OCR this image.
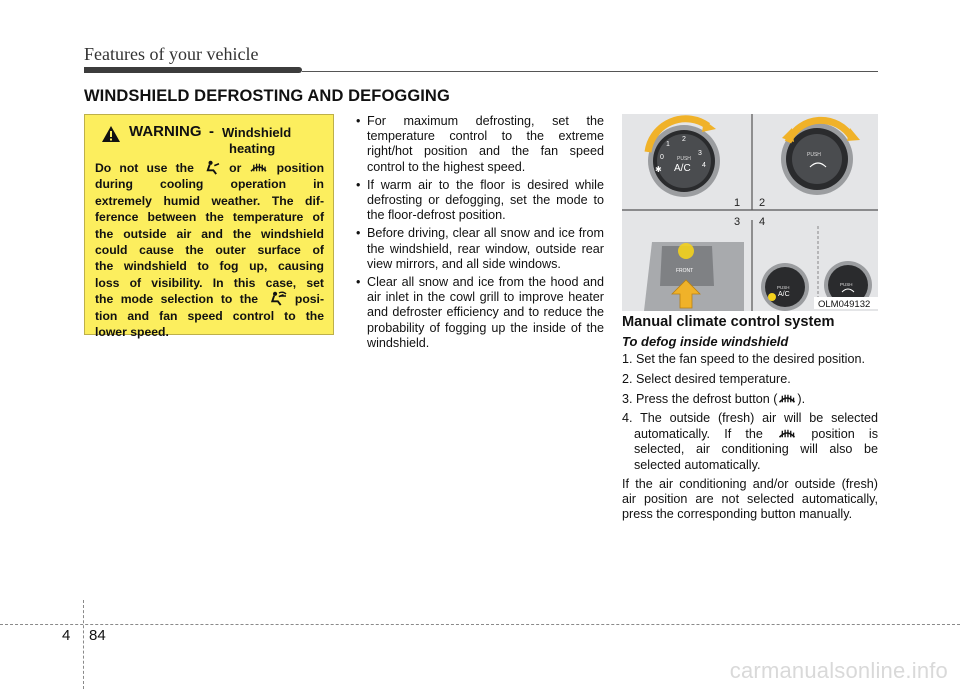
Features of your vehicle
WINDSHIELD DEFROSTING AND DEFOGGING
WARNING - Windshield
heating
Do not use the	or	position
during cooling operation in
extremely humid weather. The dif-
ference between the temperature of
the outside air and the windshield
could cause the outer surface of
the windshield to fog up, causing
loss of visibility. In this case, set
the mode selection to the	posi-
tion and fan speed control to the
lower speed.
• For maximum defrosting, set the temperature control to the extreme right/hot position and the fan speed control to the highest speed.
• If warm air to the floor is desired while defrosting or defogging, set the mode to the floor-defrost position.
• Before driving, clear all snow and ice from the windshield, rear window, outside rear view mirrors, and all side windows.
• Clear all snow and ice from the hood and air inlet in the cowl grill to improve heater and defroster efficiency and to reduce the probability of fogging up the inside of the windshield.
1
2
0
3
4
PUSH
A/C
✱
PUSH
1 2
3 4
FRONT
PUSH
A/C
PUSH
OLM049132
Manual climate control system
To defog inside windshield
1. Set the fan speed to the desired position.
2. Select desired temperature.
3. Press the defrost button ( ).
4. The outside (fresh) air will be selected automatically. If the	position is selected, air conditioning will also be selected automatically.
If the air conditioning and/or outside (fresh) air position are not selected automatically, press the corresponding button manually.
4 84
carmanualsonline.info
